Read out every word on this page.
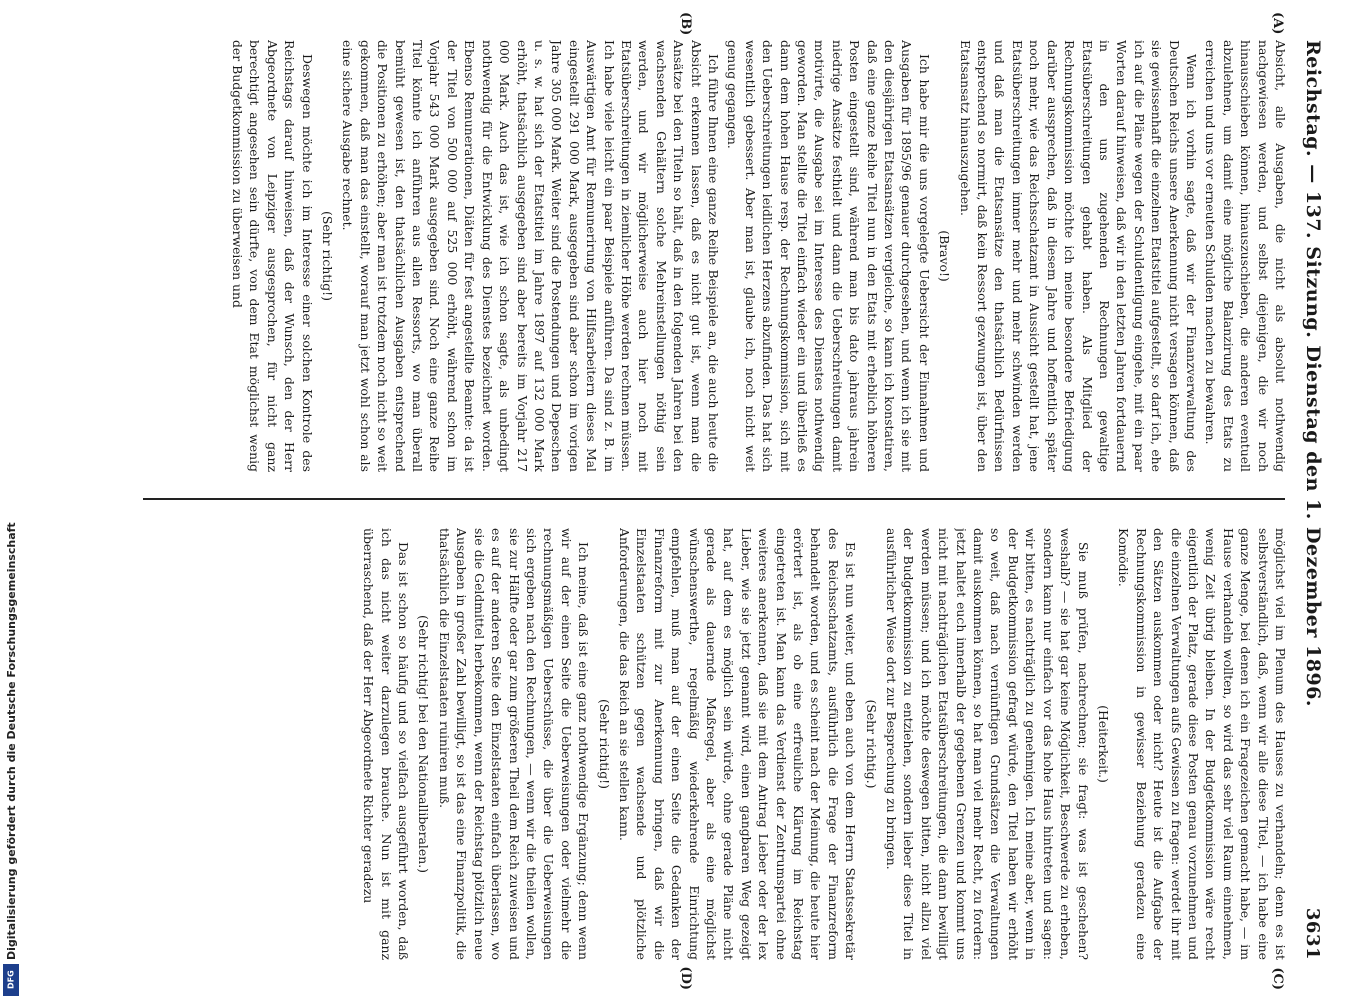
DFG
Digitalisierung gefördert durch die Deutsche Forschungsgemeinschaft
Reichstag. — 137. Sitzung. Dienstag den 1. Dezember 1896.
3631

Absicht, alle Ausgaben, die nicht als absolut nothwendig nachgewiesen werden, und selbst diejenigen, die wir noch hinausschieben können, hinauszuschieben, die anderen eventuell abzulehnen, um damit eine mögliche Balanzirung des Etats zu erreichen und uns vor erneuten Schulden machen zu bewahren.

Wenn ich vorhin sagte, daß wir der Finanzverwaltung des Deutschen Reichs unsere Anerkennung nicht versagen können, daß sie gewissenhaft die einzelnen Etatstitel aufgestellt, so darf ich, ehe ich auf die Pläne wegen der Schuldentilgung eingehe, mit ein paar Worten darauf hinweisen, daß wir in den letzten Jahren fortdauernd in den uns zugehenden Rechnungen gewaltige Etatsüberschreitungen gehabt haben. Als Mitglied der Rechnungskommission möchte ich meine besondere Befriedigung darüber aussprechen, daß in diesem Jahre und hoffentlich später noch mehr, wie das Reichsschatzamt in Aussicht gestellt hat, jene Etatsüberschreitungen immer mehr und mehr schwinden werden und daß man die Etatsansätze den thatsächlich Bedürfnissen entsprechend so normirt, daß kein Ressort gezwungen ist, über den Etatsansatz hinauszugehen.

(Bravo!)

Ich habe mir die uns vorgelegte Uebersicht der Einnahmen und Ausgaben für 1895/96 genauer durchgesehen, und wenn ich sie mit den diesjährigen Etatsansätzen vergleiche, so kann ich konstatiren, daß eine ganze Reihe Titel nun in den Etats mit erheblich höheren Posten eingestellt sind, während man bis dato jahraus jahrein niedrige Ansätze festhielt und dann die Ueberschreitungen damit motivirte, die Ausgabe sei im Interesse des Dienstes nothwendig geworden. Man stellte die Titel einfach wieder ein und überließ es dann dem hohen Hause resp. der Rechnungskommission, sich mit den Ueberschreitungen leidlichen Herzens abzufinden. Das hat sich wesentlich gebessert. Aber man ist, glaube ich, noch nicht weit genug gegangen.

Ich führe Ihnen eine ganze Reihe Beispiele an, die auch heute die Absicht erkennen lassen, daß es nicht gut ist, wenn man die Ansätze bei den Titeln so hält, daß in den folgenden Jahren bei den wachsenden Gehältern solche Mehreinstellungen nöthig sein werden, und wir möglicherweise auch hier noch mit Etatsüberschreitungen in ziemlicher Höhe werden rechnen müssen. Ich habe viele leicht ein paar Beispiele anführen. Da sind z. B. im Auswärtigen Amt für Remunerirung von Hilfsarbeitern dieses Mal eingestellt 291 000 Mark, ausgegeben sind aber schon im vorigen Jahre 305 000 Mark. Weiter sind die Postendungen und Depeschen u. s. w. hat sich der Etatstitel im Jahre 1897 auf 132 000 Mark erhöht, thatsächlich ausgegeben sind aber bereits im Vorjahr 217 000 Mark. Auch das ist, wie ich schon sagte, als unbedingt nothwendig für die Entwicklung des Dienstes bezeichnet worden. Ebenso Remunerationen, Diäten für fest angestellte Beamte: da ist der Titel von 500 000 auf 525 000 erhöht, während schon im Vorjahr 543 000 Mark ausgegeben sind. Noch eine ganze Reihe Titel könnte ich anführen aus allen Ressorts, wo man überall bemüht gewesen ist, den thatsächlichen Ausgaben entsprechend die Positionen zu erhöhen; aber man ist trotzdem noch nicht so weit gekommen, daß man das einstellt, worauf man jetzt wohl schon als eine sichere Ausgabe rechnet.

(Sehr richtig!)

Deswegen möchte ich im Interesse einer solchen Kontrole des Reichstags darauf hinweisen, daß der Wunsch, den der Herr Abgeordnete von Leipziger ausgesprochen, für nicht ganz berechtigt angesehen sein dürfte, von dem Etat möglichst wenig der Budgetkommission zu überweisen und

möglichst viel im Plenum des Hauses zu verhandeln; denn es ist selbstverständlich, daß, wenn wir alle diese Titel, — ich habe eine ganze Menge, bei denen ich ein Fragezeichen gemacht habe, — im Hause verhandeln wollten, so wird das sehr viel Raum einnehmen, wenig Zeit übrig bleiben. In der Budgetkommission wäre recht eigentlich der Platz, gerade diese Posten genau vorzunehmen und die einzelnen Verwaltungen aufs Gewissen zu fragen: werdet ihr mit den Sätzen auskommen oder nicht? Heute ist die Aufgabe der Rechnungskommission in gewisser Beziehung geradezu eine Komödie.

(Heiterkeit.)

Sie muß prüfen, nachrechnen; sie fragt: was ist geschehen? weshalb? — sie hat gar keine Möglichkeit, Beschwerde zu erheben, sondern kann nur einfach vor das hohe Haus hintreten und sagen: wir bitten, es nachträglich zu genehmigen. Ich meine aber, wenn in der Budgetkommission gefragt würde, den Titel haben wir erhöht so weit, daß nach vernünftigen Grundsätzen die Verwaltungen damit auskommen können, so hat man viel mehr Recht, zu fordern: jetzt haltet euch innerhalb der gegebenen Grenzen und kommt uns nicht mit nachträglichen Etatsüberschreitungen, die dann bewilligt werden müssen; und ich möchte deswegen bitten, nicht allzu viel der Budgetkommission zu entziehen, sondern lieber diese Titel in ausführlicher Weise dort zur Besprechung zu bringen.

(Sehr richtig.)

Es ist nun weiter, und eben auch von dem Herrn Staatssekretär des Reichsschatzamts, ausführlich die Frage der Finanzreform behandelt worden, und es scheint nach der Meinung, die heute hier erörtert ist, als ob eine erfreuliche Klärung im Reichstag eingetreten ist. Man kann das Verdienst der Zentrumspartei ohne weiteres anerkennen, daß sie mit dem Antrag Lieber oder der lex Lieber, wie sie jetzt genannt wird, einen gangbaren Weg gezeigt hat, auf dem es möglich sein würde, ohne gerade Pläne nicht gerade als dauernde Maßregel, aber als eine möglichst wünschenswerthe, regelmäßig wiederkehrende Einrichtung empfehlen, muß man auf der einen Seite die Gedanken der Finanzreform mit zur Anerkennung bringen, daß wir die Einzelstaaten schützen gegen wachsende und plötzliche Anforderungen, die das Reich an sie stellen kann.

(Sehr richtig!)

Ich meine, daß ist eine ganz nothwendige Ergänzung; denn wenn wir auf der einen Seite die Ueberweisungen oder vielmehr die rechnungsmäßigen Ueberschüsse, die über die Ueberweisungen sich ergeben nach den Rechnungen, — wenn wir die theilen wollen, sie zur Hälfte oder gar zum größeren Theil dem Reich zuweisen und es auf der anderen Seite den Einzelstaaten einfach überlassen, wo sie die Geldmittel herbekommen, wenn der Reichstag plötzlich neue Ausgaben in großer Zahl bewilligt, so ist das eine Finanzpolitik, die thatsächlich die Einzelstaaten ruiniren muß.

(Sehr richtig! bei den Nationalliberalen.)

Das ist schon so häufig und so vielfach ausgeführt worden, daß ich das nicht weiter darzulegen brauche. Nun ist mit ganz überraschend, daß der Herr Abgeordnete Richter geradezu

(A)
(B)
(C)
(D)
